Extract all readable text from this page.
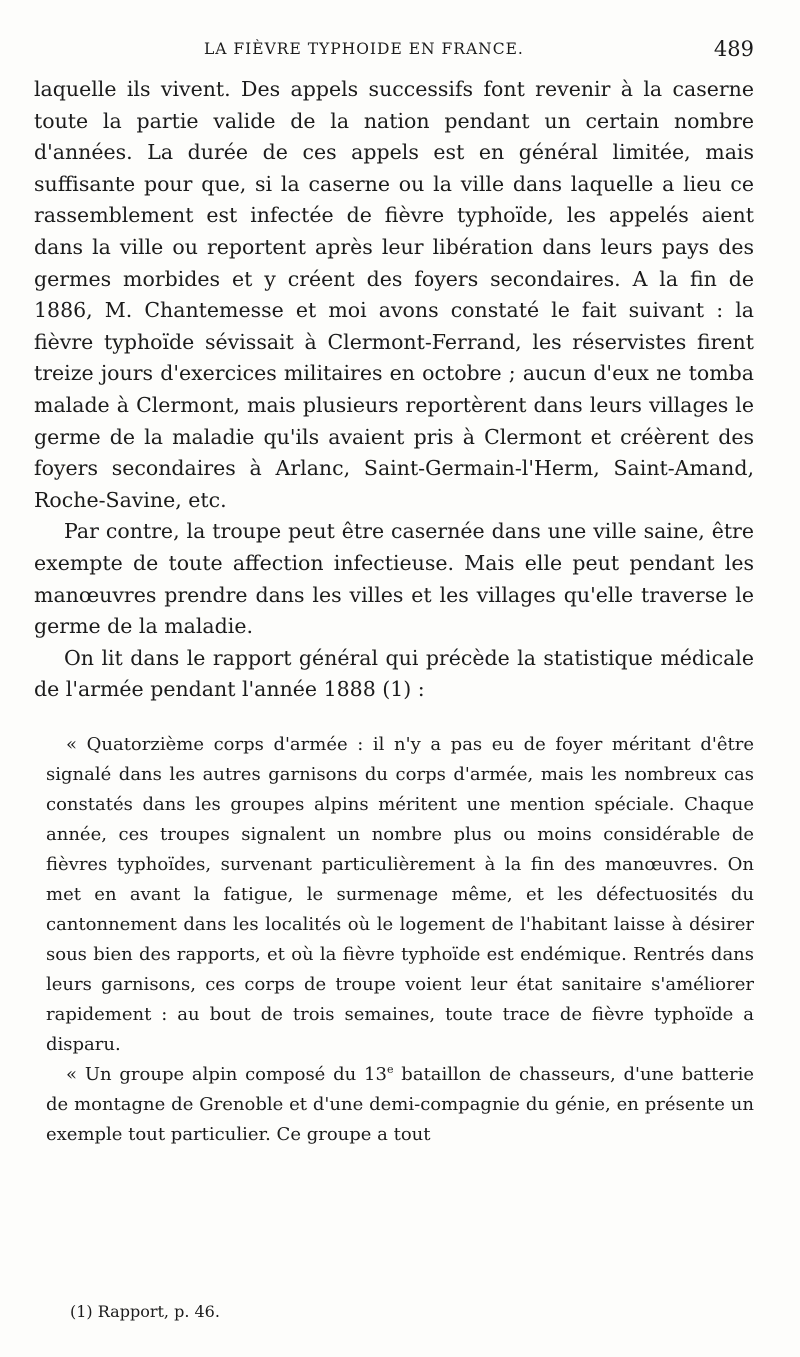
LA FIÈVRE TYPHOIDE EN FRANCE.	489

laquelle ils vivent. Des appels successifs font revenir à la caserne toute la partie valide de la nation pendant un certain nombre d'années. La durée de ces appels est en général limitée, mais suffisante pour que, si la caserne ou la ville dans laquelle a lieu ce rassemblement est infectée de fièvre typhoïde, les appelés aient dans la ville ou reportent après leur libération dans leurs pays des germes morbides et y créent des foyers secondaires. A la fin de 1886, M. Chantemesse et moi avons constaté le fait suivant : la fièvre typhoïde sévissait à Clermont-Ferrand, les réservistes firent treize jours d'exercices militaires en octobre ; aucun d'eux ne tomba malade à Clermont, mais plusieurs reportèrent dans leurs villages le germe de la maladie qu'ils avaient pris à Clermont et créèrent des foyers secondaires à Arlanc, Saint-Germain-l'Herm, Saint-Amand, Roche-Savine, etc.

Par contre, la troupe peut être casernée dans une ville saine, être exempte de toute affection infectieuse. Mais elle peut pendant les manœuvres prendre dans les villes et les villages qu'elle traverse le germe de la maladie.

On lit dans le rapport général qui précède la statistique médicale de l'armée pendant l'année 1888 (1) :

« Quatorzième corps d'armée : il n'y a pas eu de foyer méritant d'être signalé dans les autres garnisons du corps d'armée, mais les nombreux cas constatés dans les groupes alpins méritent une mention spéciale. Chaque année, ces troupes signalent un nombre plus ou moins considérable de fièvres typhoïdes, survenant particulièrement à la fin des manœuvres. On met en avant la fatigue, le surmenage même, et les défectuosités du cantonnement dans les localités où le logement de l'habitant laisse à désirer sous bien des rapports, et où la fièvre typhoïde est endémique. Rentrés dans leurs garnisons, ces corps de troupe voient leur état sanitaire s'améliorer rapidement : au bout de trois semaines, toute trace de fièvre typhoïde a disparu.

« Un groupe alpin composé du 13e bataillon de chasseurs, d'une batterie de montagne de Grenoble et d'une demi-compagnie du génie, en présente un exemple tout particulier. Ce groupe a tout

(1) Rapport, p. 46.
